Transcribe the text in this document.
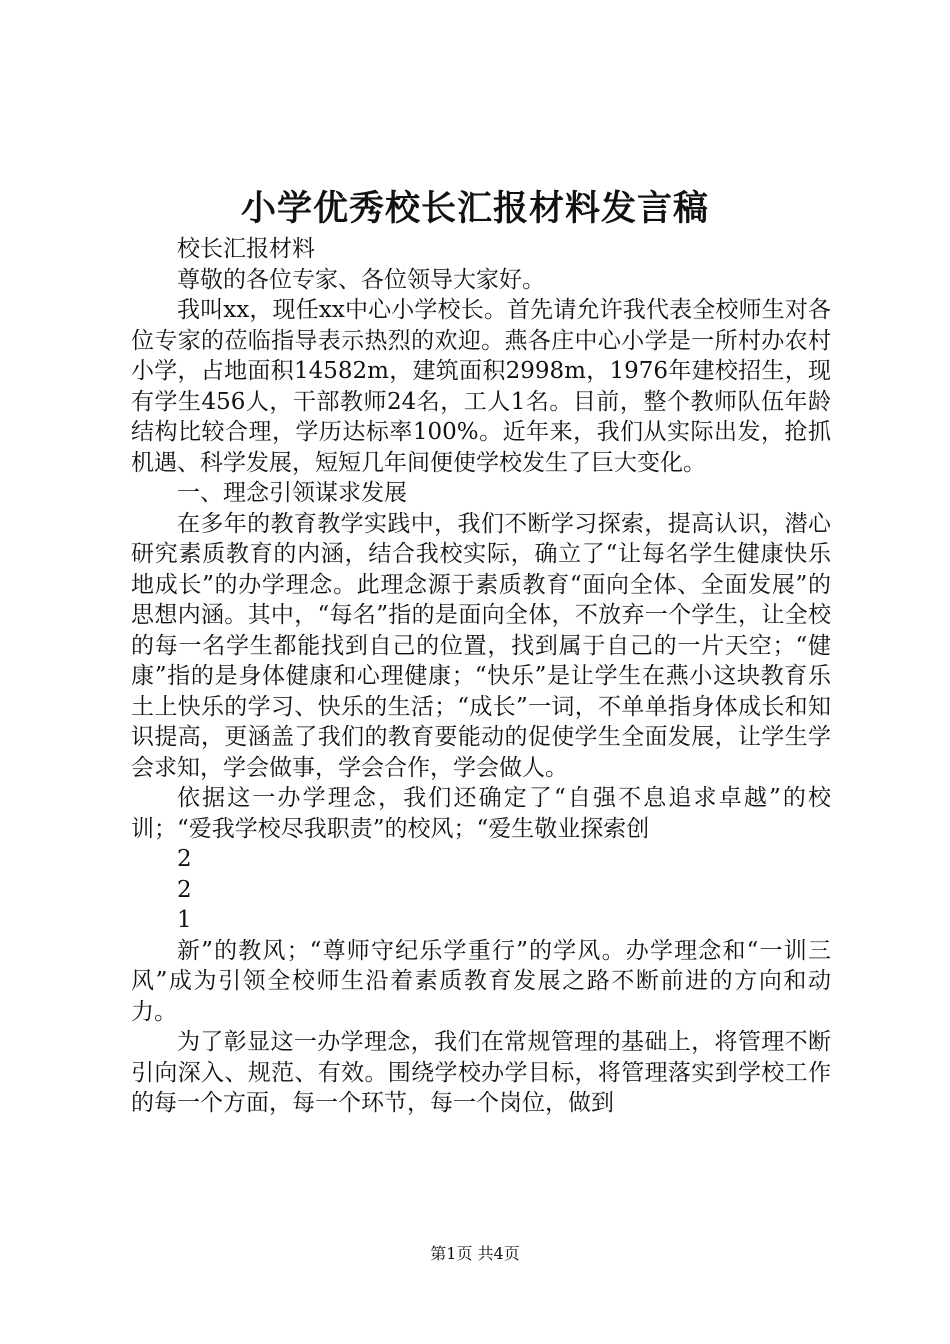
小学优秀校长汇报材料发言稿

校长汇报材料

尊敬的各位专家、各位领导大家好。

我叫xx，现任xx中心小学校长。首先请允许我代表全校师生对各位专家的莅临指导表示热烈的欢迎。燕各庄中心小学是一所村办农村小学，占地面积14582m，建筑面积2998m，1976年建校招生，现有学生456人，干部教师24名，工人1名。目前，整个教师队伍年龄结构比较合理，学历达标率100%。近年来，我们从实际出发，抢抓机遇、科学发展，短短几年间便使学校发生了巨大变化。

一、理念引领谋求发展

在多年的教育教学实践中，我们不断学习探索，提高认识，潜心研究素质教育的内涵，结合我校实际，确立了“让每名学生健康快乐地成长”的办学理念。此理念源于素质教育“面向全体、全面发展”的思想内涵。其中，“每名”指的是面向全体，不放弃一个学生，让全校的每一名学生都能找到自己的位置，找到属于自己的一片天空；“健康”指的是身体健康和心理健康；“快乐”是让学生在燕小这块教育乐土上快乐的学习、快乐的生活；“成长”一词，不单单指身体成长和知识提高，更涵盖了我们的教育要能动的促使学生全面发展，让学生学会求知，学会做事，学会合作，学会做人。

依据这一办学理念，我们还确定了“自强不息追求卓越”的校训；“爱我学校尽我职责”的校风；“爱生敬业探索创

2

2

1

新”的教风；“尊师守纪乐学重行”的学风。办学理念和“一训三风”成为引领全校师生沿着素质教育发展之路不断前进的方向和动力。

为了彰显这一办学理念，我们在常规管理的基础上，将管理不断引向深入、规范、有效。围绕学校办学目标，将管理落实到学校工作的每一个方面，每一个环节，每一个岗位，做到

第1页 共4页
